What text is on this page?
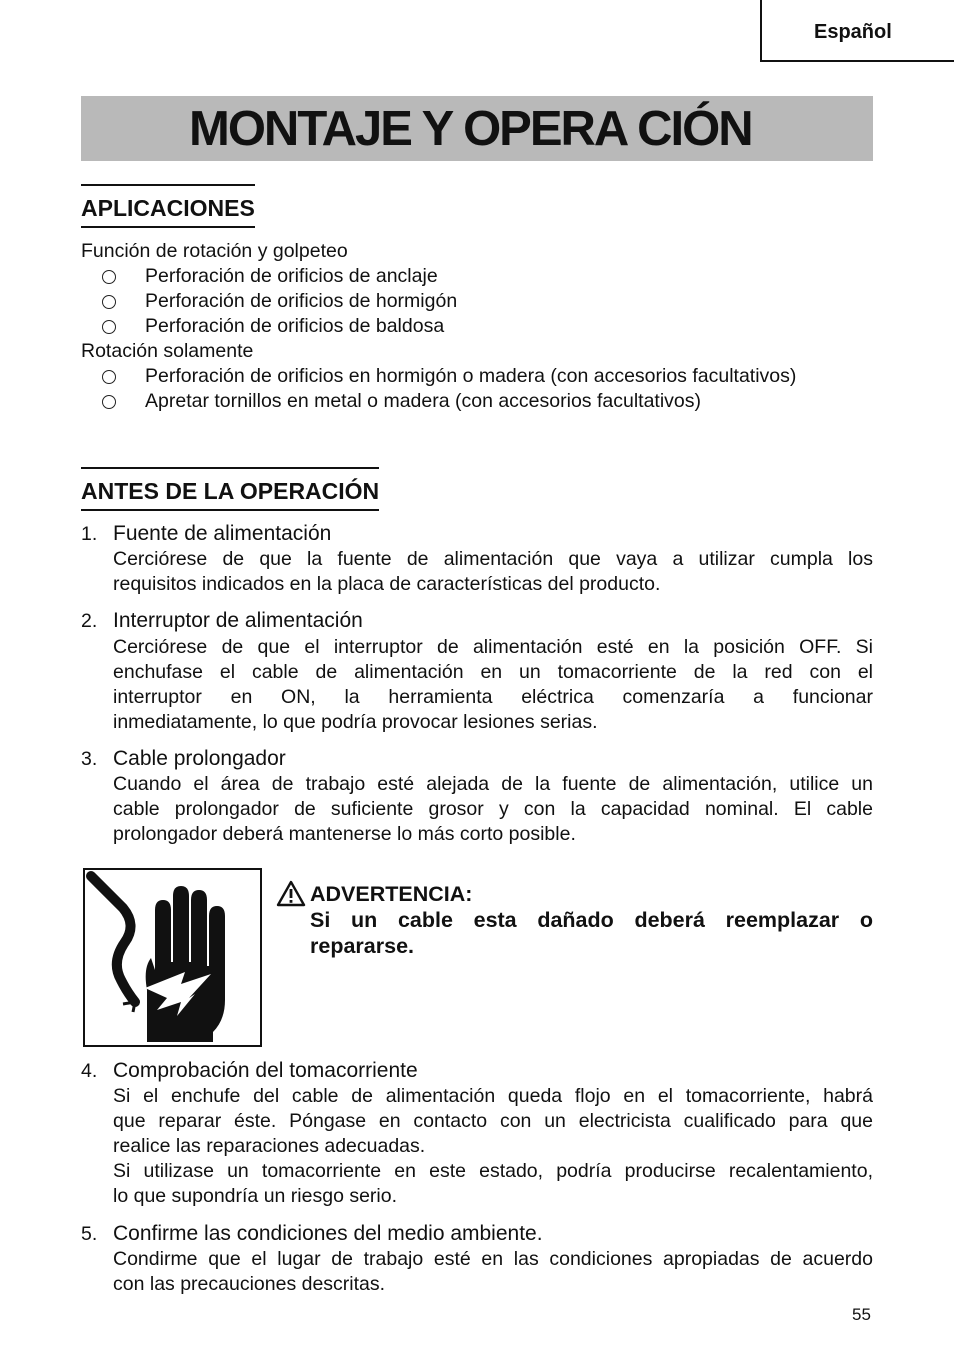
Español
MONTAJE Y OPERA CIÓN
APLICACIONES
Función de rotación y golpeteo
Perforación de orificios de anclaje
Perforación de orificios de hormigón
Perforación de orificios de baldosa
Rotación solamente
Perforación de orificios en hormigón o madera (con accesorios facultativos)
Apretar tornillos en metal o madera (con accesorios facultativos)
ANTES DE LA OPERACIÓN
1. Fuente de alimentación
Cerciórese de que la fuente de alimentación que vaya a utilizar cumpla los
requisitos indicados en la placa de características del producto.
2. Interruptor de alimentación
Cerciórese de que el interruptor de alimentación esté en la posición OFF. Si
enchufase el cable de alimentación en un tomacorriente de la red con el
interruptor en ON, la herramienta eléctrica comenzaría a funcionar
inmediatamente, lo que podría provocar lesiones serias.
3. Cable prolongador
Cuando el área de trabajo esté alejada de la fuente de alimentación, utilice un
cable prolongador de suficiente grosor y con la capacidad nominal. El cable
prolongador deberá mantenerse lo más corto posible.
ADVERTENCIA:
Si un cable esta dañado deberá reemplazar o
repararse.
4. Comprobación del tomacorriente
Si el enchufe del cable de alimentación queda flojo en el tomacorriente, habrá
que reparar éste. Póngase en contacto con un electricista cualificado para que
realice las reparaciones adecuadas.
Si utilizase un tomacorriente en este estado, podría producirse recalentamiento,
lo que supondría un riesgo serio.
5. Confirme las condiciones del medio ambiente.
Condirme que el lugar de trabajo esté en las condiciones apropiadas de acuerdo
con las precauciones descritas.
55
